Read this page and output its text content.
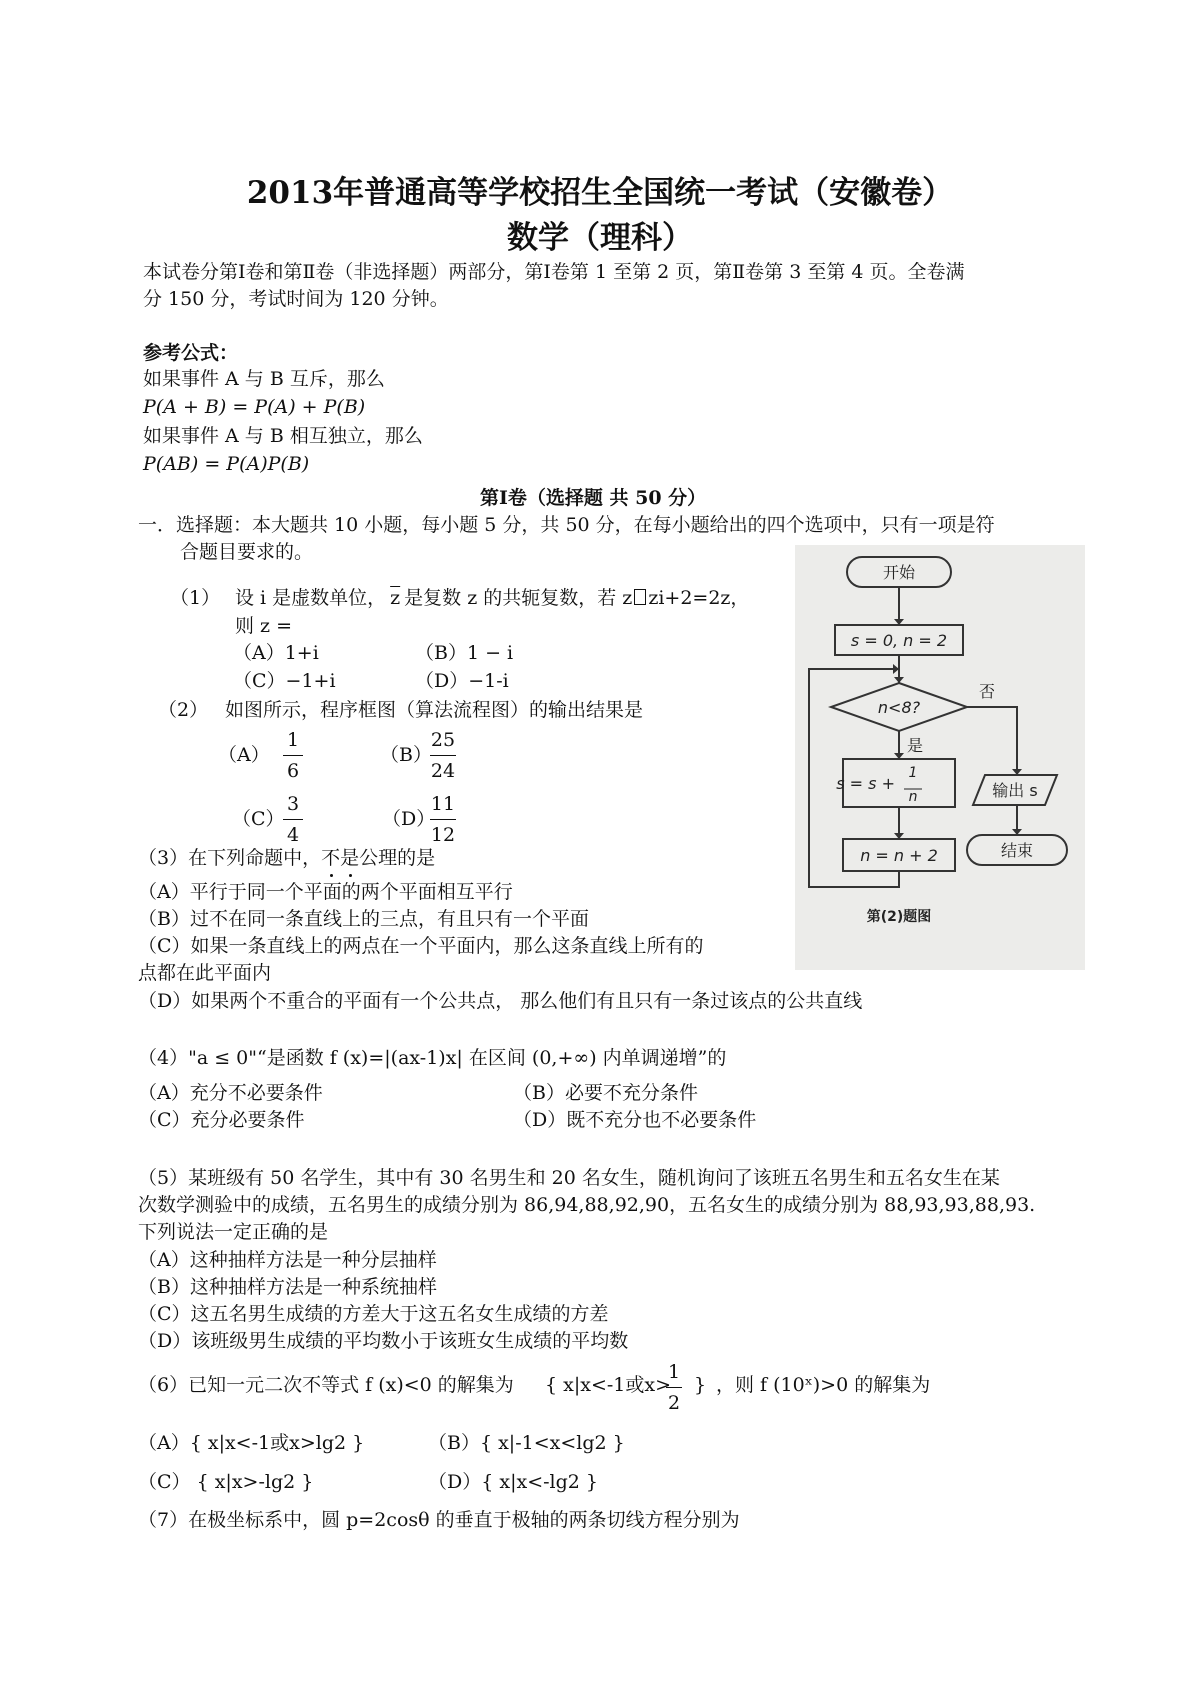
2013年普通高等学校招生全国统一考试（安徽卷）
数学（理科）
本试卷分第Ⅰ卷和第Ⅱ卷（非选择题）两部分，第Ⅰ卷第 1 至第 2 页，第Ⅱ卷第 3 至第 4 页。全卷满
分 150 分，考试时间为 120 分钟。
参考公式：
如果事件 A 与 B 互斥，那么
P(A + B) = P(A) + P(B)
如果事件 A 与 B 相互独立，那么
P(AB) = P(A)P(B)
第Ⅰ卷（选择题 共 50 分）
一．选择题：本大题共 10 小题，每小题 5 分，共 50 分，在每小题给出的四个选项中，只有一项是符
合题目要求的。
（1） 设 i 是虚数单位， $\overline{z}$ 是复数 z 的共轭复数，若 z zi+2=2z，
则 z =
（A）1+i	（B）1 − i
（C）−1+i	（D）−1-i
（2） 如图所示，程序框图（算法流程图）的输出结果是
（A）
1
6
（B）
25
24
（C）
3
4
（D）
11
12
开始
s = 0, n = 2
n<8?
是
否
s = s +
1
n	输出 s
结束
n = n + 2
第(2)题图
（3）在下列命题中，不是公理的是
（A）平行于同一个平面的两个平面相互平行
（B）过不在同一条直线上的三点，有且只有一个平面
（C）如果一条直线上的两点在一个平面内，那么这条直线上所有的
点都在此平面内
（D）如果两个不重合的平面有一个公共点， 那么他们有且只有一条过该点的公共直线
（4）"a ≤ 0"“是函数 f (x)=|(ax-1)x| 在区间 (0,+∞) 内单调递增”的
（A）充分不必要条件	（B）必要不充分条件
（C）充分必要条件	（D）既不充分也不必要条件
（5）某班级有 50 名学生，其中有 30 名男生和 20 名女生，随机询问了该班五名男生和五名女生在某
次数学测验中的成绩，五名男生的成绩分别为 86,94,88,92,90，五名女生的成绩分别为 88,93,93,88,93.
下列说法一定正确的是
（A）这种抽样方法是一种分层抽样
（B）这种抽样方法是一种系统抽样
（C）这五名男生成绩的方差大于这五名女生成绩的方差
（D）该班级男生成绩的平均数小于该班女生成绩的平均数
（6）已知一元二次不等式 f (x)<0 的解集为 { x|x<-1或x>
1
2
} ，则 f (10ˣ)>0 的解集为
（A）{ x|x<-1或x>lg2 }	（B）{ x|-1<x<lg2 }
（C） { x|x>-lg2 }	（D）{ x|x<-lg2 }
（7）在极坐标系中，圆 p=2cosθ 的垂直于极轴的两条切线方程分别为
